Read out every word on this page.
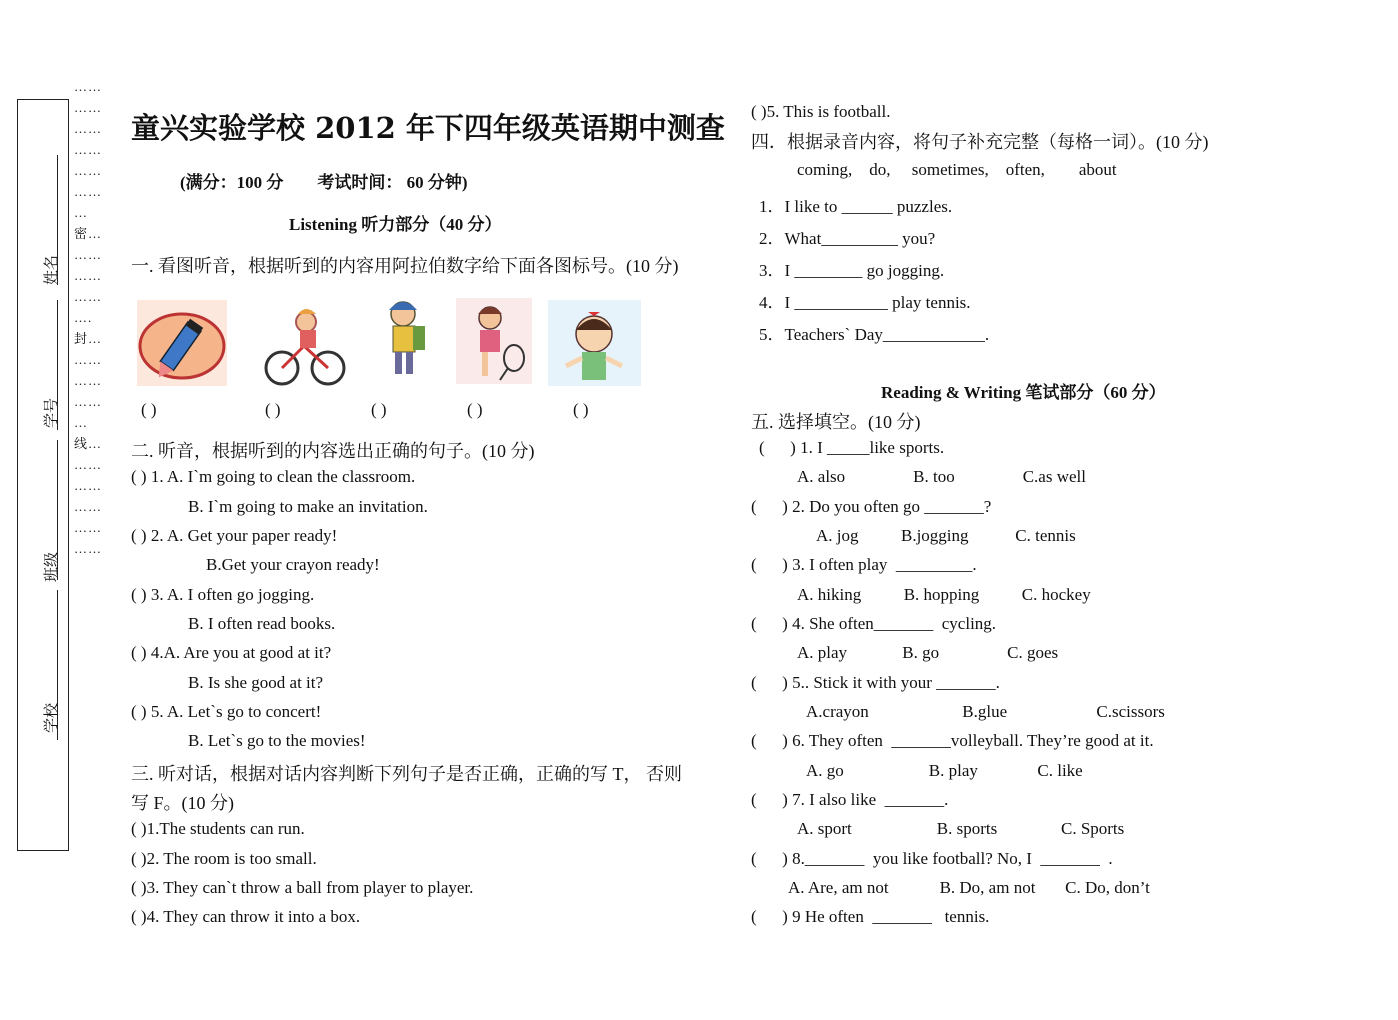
姓名
学号
班级
学校
……
……
……
……
……
……
…
密…
……
……
……
….
封…
……
……
……
…
线…
……
……
……
……
……
童兴实验学校 2012 年下四年级英语期中测查
(满分：100 分　　考试时间： 60 分钟)
Listening 听力部分（40 分）
一. 看图听音，根据听到的内容用阿拉伯数字给下面各图标号。(10 分)
( )	( )	( )	( )	( )
二. 听音，根据听到的内容选出正确的句子。(10 分)
( ) 1. A. I`m going to clean the classroom.
B. I`m going to make an invitation.
( ) 2. A. Get your paper ready!
B.Get your crayon ready!
( ) 3. A. I often go jogging.
B. I often read books.
( ) 4.A. Are you at good at it?
B. Is she good at it?
( ) 5. A. Let`s go to concert!
B. Let`s go to the movies!
三. 听对话，根据对话内容判断下列句子是否正确，正确的写 T， 否则
写 F。(10 分)
( )1.The students can run.
( )2. The room is too small.
( )3. They can`t throw a ball from player to player.
( )4. They can throw it into a box.
( )5. This is football.
四．根据录音内容，将句子补充完整（每格一词）。(10 分)
coming,    do,     sometimes,    often,        about
1．I like to ______ puzzles.
2．What_________ you?
3．I ________ go jogging.
4．I ___________ play tennis.
5．Teachers` Day____________.
Reading & Writing 笔试部分（60 分）
五. 选择填空。(10 分)
(      ) 1. I _____like sports.
A. also                B. too                C.as well
(      ) 2. Do you often go _______?
A. jog          B.jogging           C. tennis
(      ) 3. I often play  _________.
A. hiking          B. hopping          C. hockey
(      ) 4. She often_______  cycling.
A. play             B. go                C. goes
(      ) 5.. Stick it with your _______.
A.crayon                      B.glue                     C.scissors
(      ) 6. They often  _______volleyball. They’re good at it.
A. go                    B. play              C. like
(      ) 7. I also like  _______.
A. sport                    B. sports               C. Sports
(      ) 8._______  you like football? No, I  _______  .
A. Are, am not            B. Do, am not       C. Do, don’t
(      ) 9 He often  _______   tennis.
